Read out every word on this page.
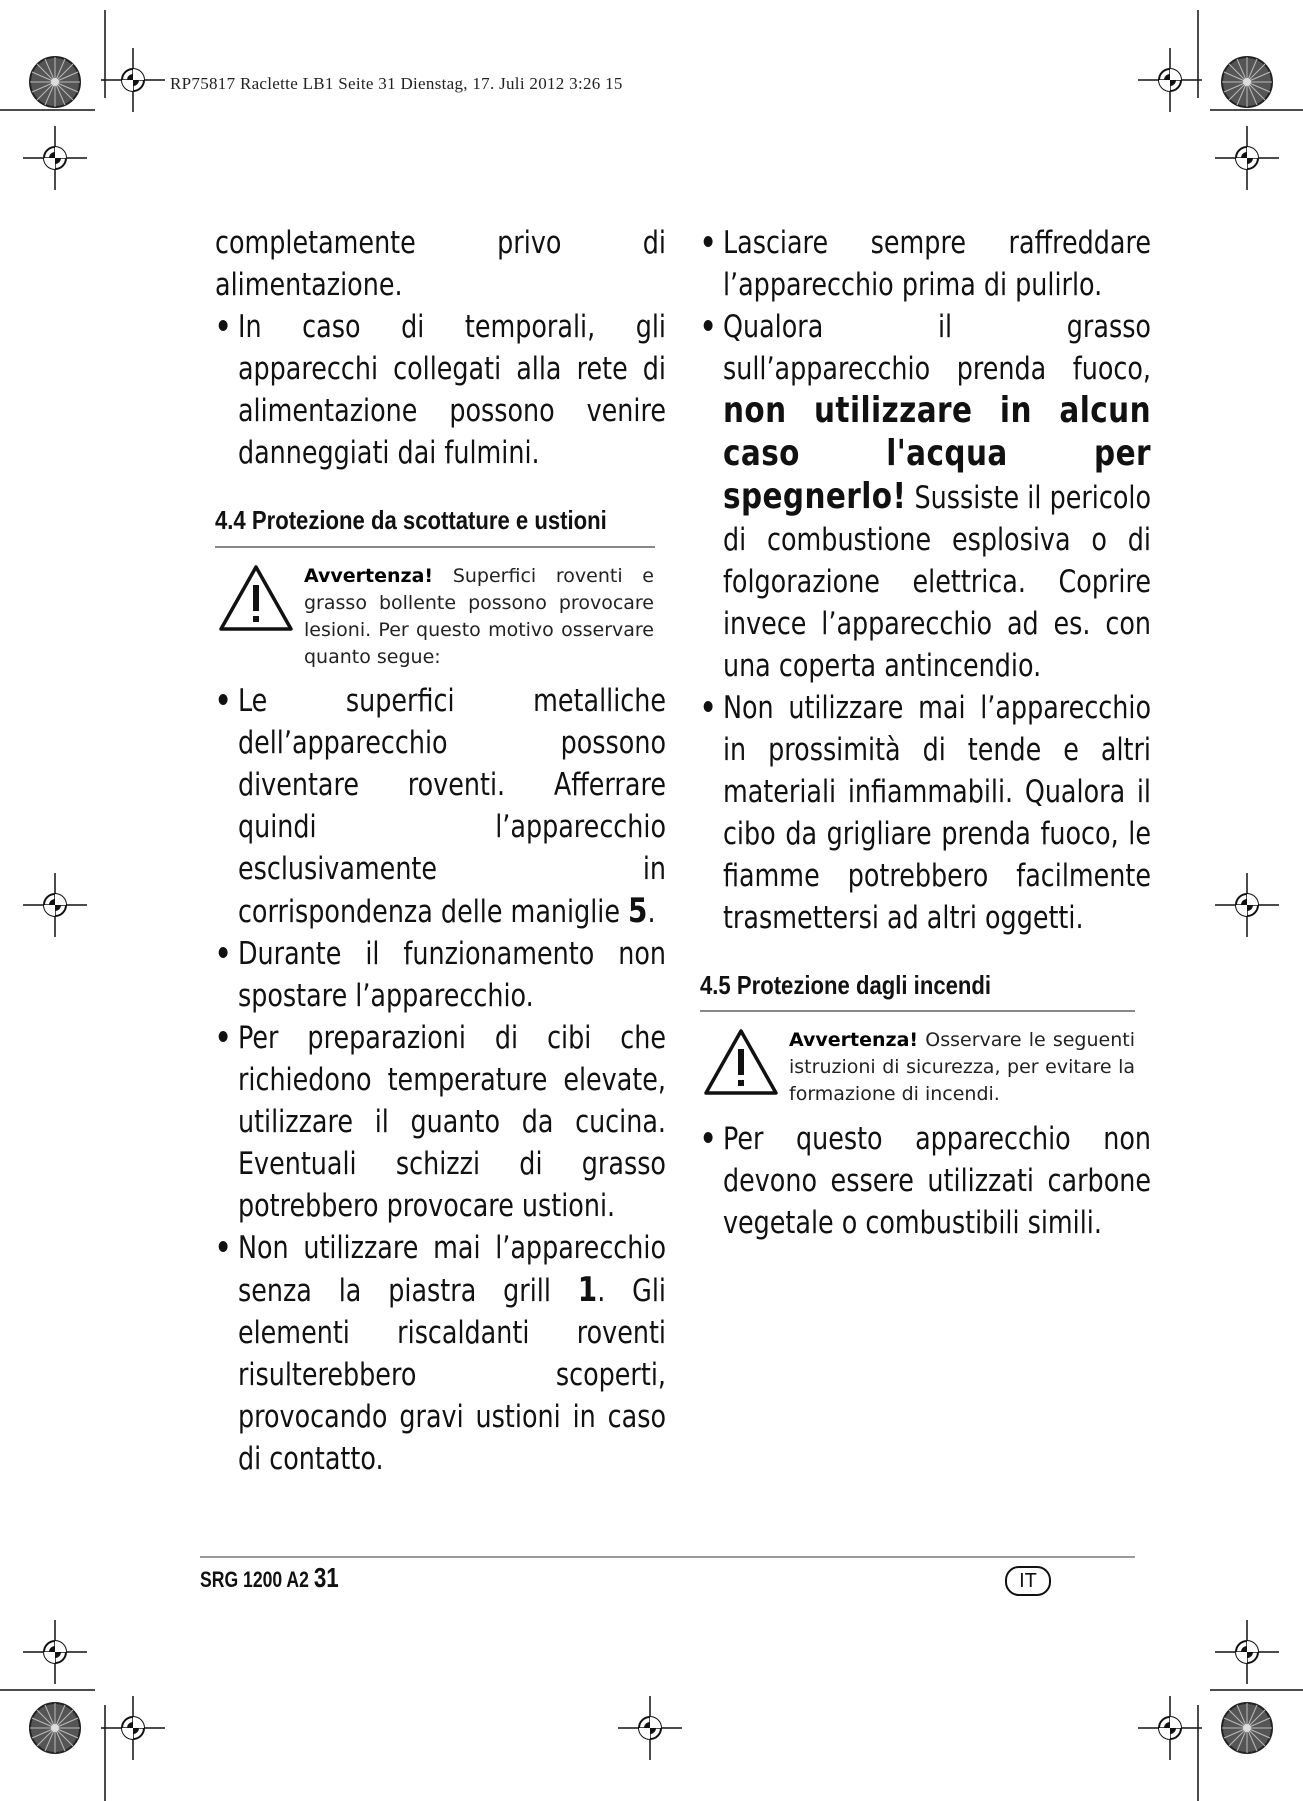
RP75817 Raclette LB1 Seite 31 Dienstag, 17. Juli 2012 3:26 15

completamente privo di alimentazione.

• In caso di temporali, gli apparecchi collegati alla rete di alimentazione possono venire danneggiati dai fulmini.

4.4 Protezione da scottature e ustioni
Avvertenza! Superfici roventi e grasso bollente possono provocare lesioni. Per questo motivo osservare quanto segue:

• Le superfici metalliche dell’apparecchio possono diventare roventi. Afferrare quindi l’apparecchio esclusivamente in corrispondenza delle maniglie 5.

• Durante il funzionamento non spostare l’apparecchio.

• Per preparazioni di cibi che richiedono temperature elevate, utilizzare il guanto da cucina. Eventuali schizzi di grasso potrebbero provocare ustioni.

• Non utilizzare mai l’apparecchio senza la piastra grill 1. Gli elementi riscaldanti roventi risulterebbero scoperti, provocando gravi ustioni in caso di contatto.

• Lasciare sempre raffreddare l’apparecchio prima di pulirlo.

• Qualora il grasso sull’apparecchio prenda fuoco, non utilizzare in alcun caso l'acqua per spegnerlo! Sussiste il pericolo di combustione esplosiva o di folgorazione elettrica. Coprire invece l’apparecchio ad es. con una coperta antincendio.

• Non utilizzare mai l’apparecchio in prossimità di tende e altri materiali infiammabili. Qualora il cibo da grigliare prenda fuoco, le fiamme potrebbero facilmente trasmettersi ad altri oggetti.

4.5 Protezione dagli incendi
Avvertenza! Osservare le seguenti istruzioni di sicurezza, per evitare la formazione di incendi.

• Per questo apparecchio non devono essere utilizzati carbone vegetale o combustibili simili.

SRG 1200 A2 31	IT
